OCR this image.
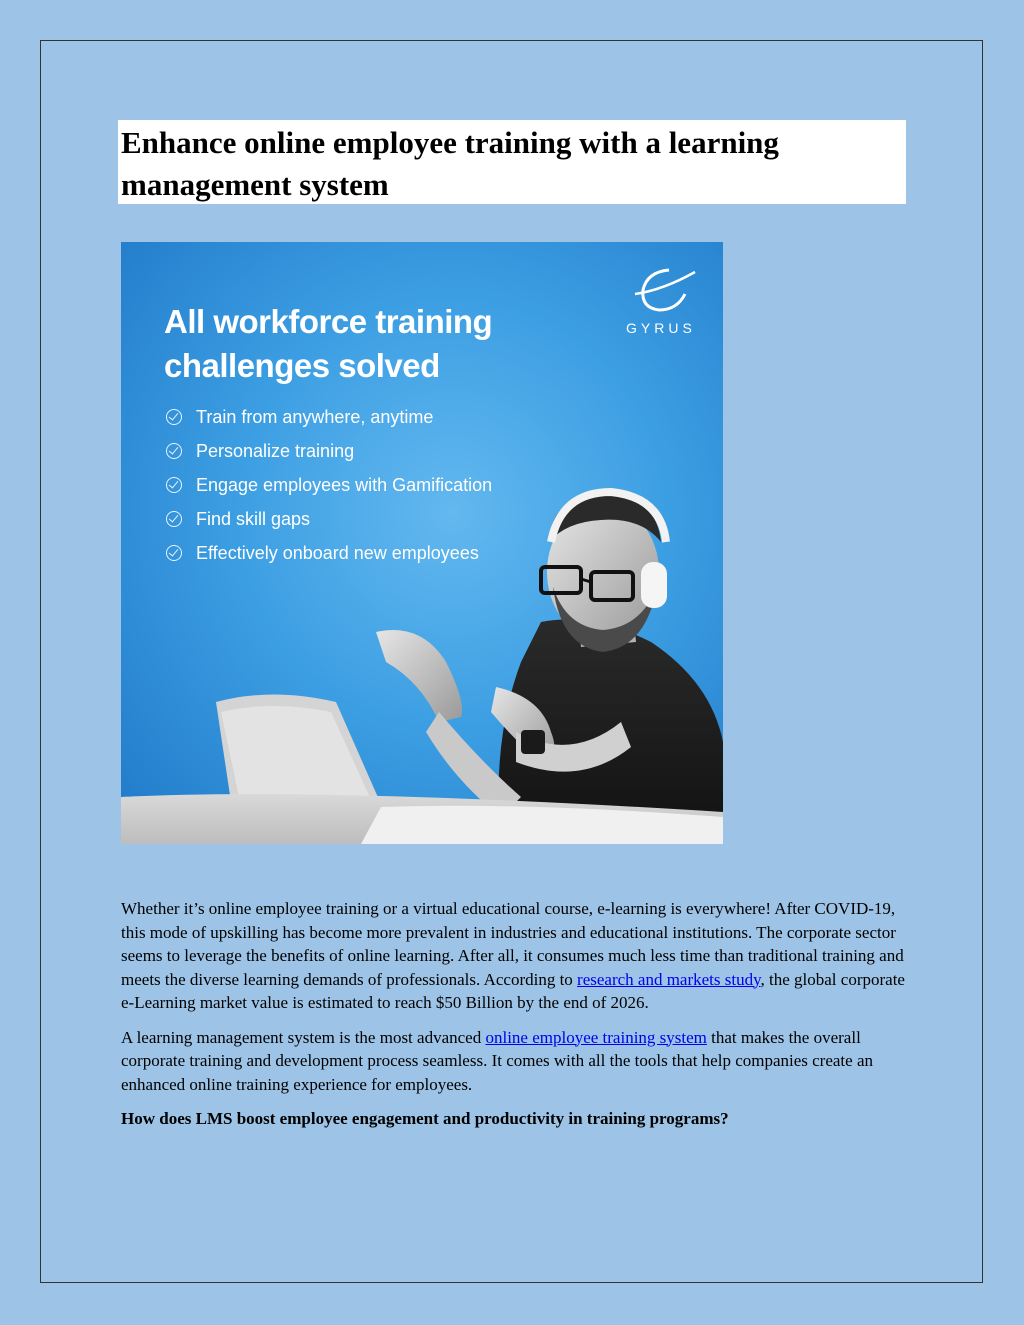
Enhance online employee training with a learning management system
All workforce training challenges solved
Train from anywhere, anytime
Personalize training
Engage employees with Gamification
Find skill gaps
Effectively onboard new employees
GYRUS

Whether it’s online employee training or a virtual educational course, e-learning is everywhere! After COVID-19, this mode of upskilling has become more prevalent in industries and educational institutions. The corporate sector seems to leverage the benefits of online learning. After all, it consumes much less time than traditional training and meets the diverse learning demands of professionals. According to research and markets study, the global corporate e-Learning market value is estimated to reach $50 Billion by the end of 2026.

A learning management system is the most advanced online employee training system that makes the overall corporate training and development process seamless. It comes with all the tools that help companies create an enhanced online training experience for employees.

How does LMS boost employee engagement and productivity in training programs?
